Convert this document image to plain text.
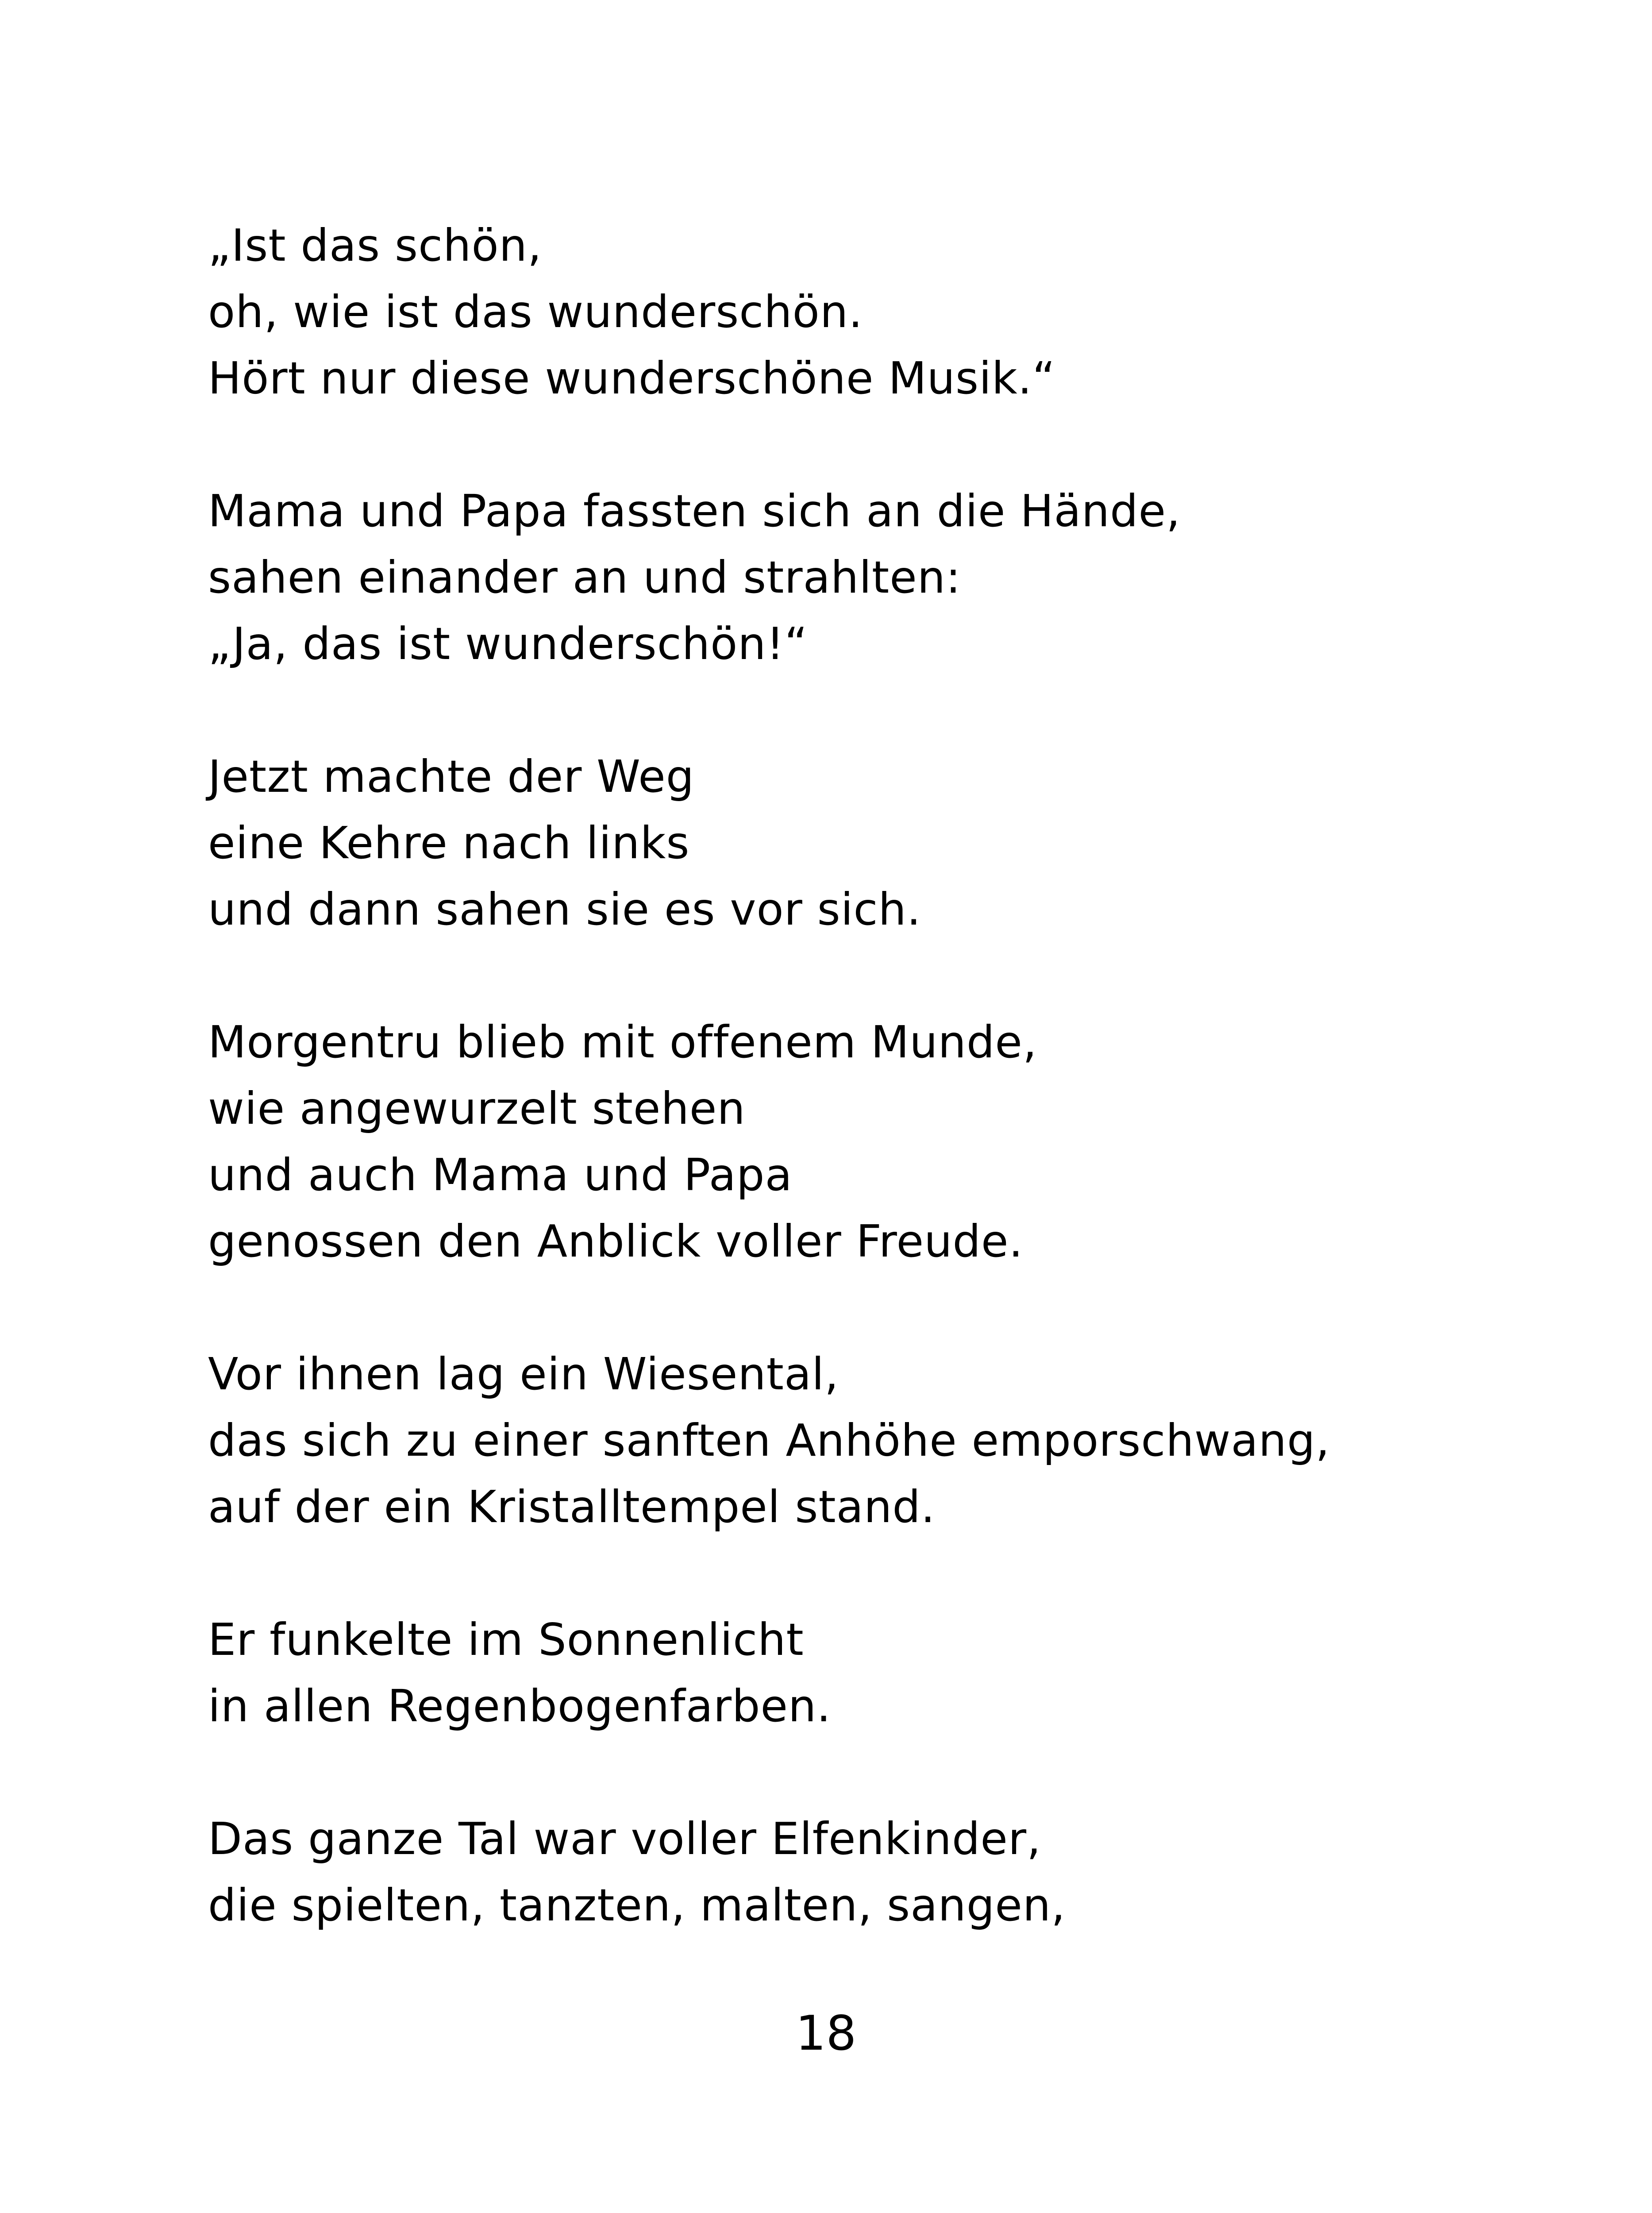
„Ist das schön,
oh, wie ist das wunderschön.
Hört nur diese wunderschöne Musik.“
Mama und Papa fassten sich an die Hände,
sahen einander an und strahlten:
„Ja, das ist wunderschön!“
Jetzt machte der Weg
eine Kehre nach links
und dann sahen sie es vor sich.
Morgentru blieb mit offenem Munde,
wie angewurzelt stehen
und auch Mama und Papa
genossen den Anblick voller Freude.
Vor ihnen lag ein Wiesental,
das sich zu einer sanften Anhöhe emporschwang,
auf der ein Kristalltempel stand.
Er funkelte im Sonnenlicht
in allen Regenbogenfarben.
Das ganze Tal war voller Elfenkinder,
die spielten, tanzten, malten, sangen,
18
